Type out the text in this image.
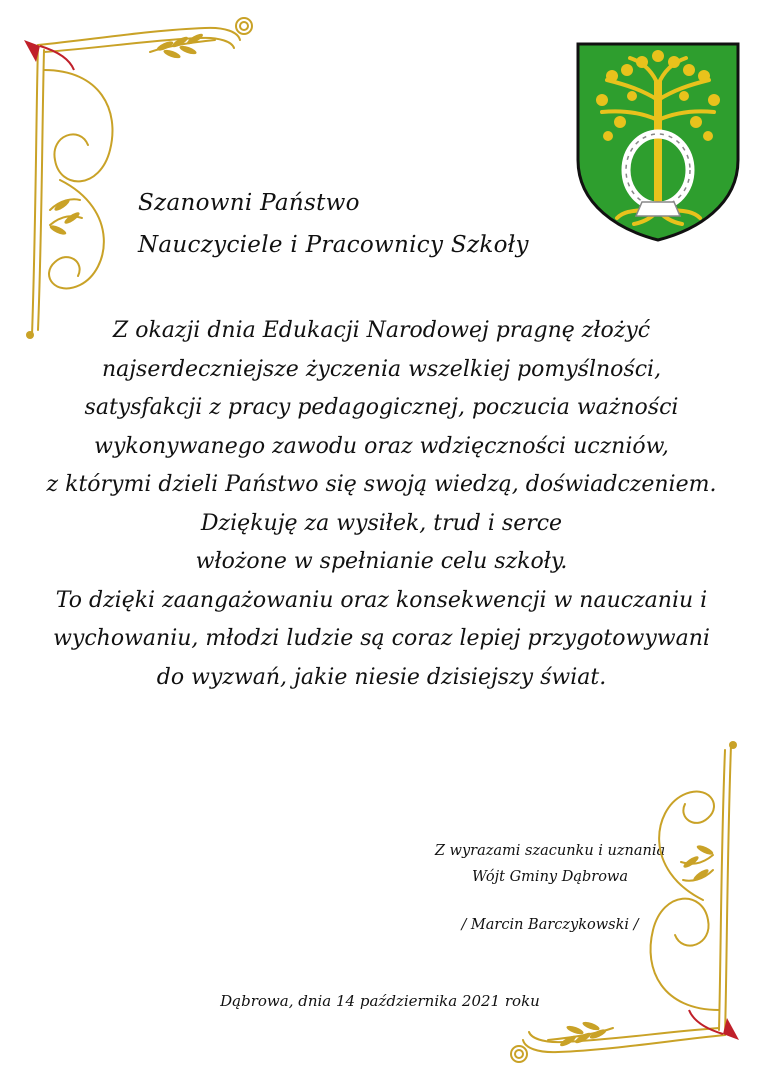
Szanowni Państwo
Nauczyciele i Pracownicy Szkoły
Z okazji dnia Edukacji Narodowej pragnę złożyć
najserdeczniejsze życzenia wszelkiej pomyślności,
satysfakcji z pracy pedagogicznej, poczucia ważności
wykonywanego zawodu oraz wdzięczności uczniów,
z którymi dzieli Państwo się swoją wiedzą, doświadczeniem.
Dziękuję za wysiłek, trud i serce
włożone w spełnianie celu szkoły.
To dzięki zaangażowaniu oraz konsekwencji w nauczaniu i
wychowaniu, młodzi ludzie są coraz lepiej przygotowywani
do wyzwań, jakie niesie dzisiejszy świat.
Z wyrazami szacunku i uznania
Wójt Gminy Dąbrowa
/ Marcin Barczykowski /
Dąbrowa, dnia 14 października 2021 roku
